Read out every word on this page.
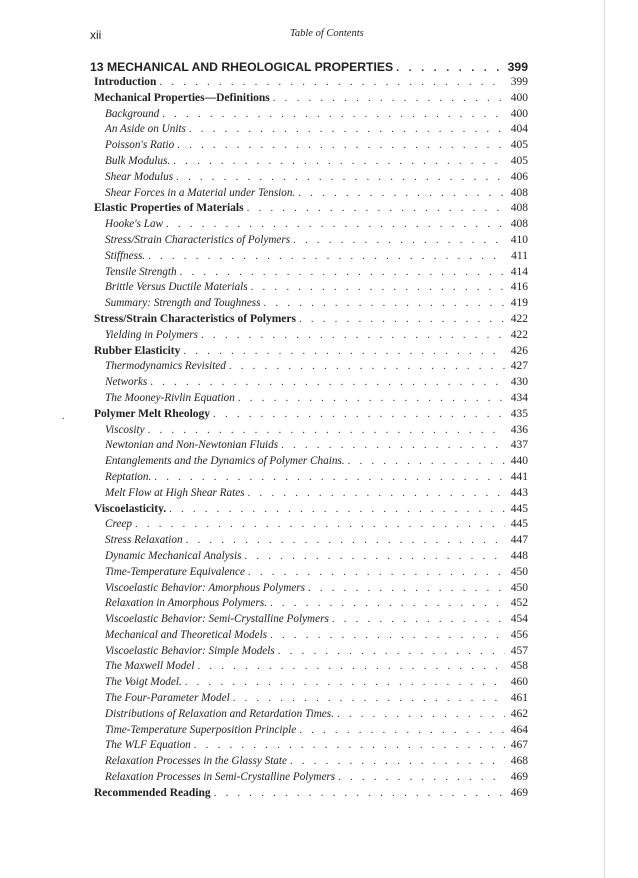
xii	Table of Contents
13 MECHANICAL AND RHEOLOGICAL PROPERTIES . . .	399
Introduction . . .	399
Mechanical Properties—Definitions . . .	400
Background . . .	400
An Aside on Units . . .	404
Poisson's Ratio . . .	405
Bulk Modulus. . . .	405
Shear Modulus . . .	406
Shear Forces in a Material under Tension. . . .	408
Elastic Properties of Materials . . .	408
Hooke's Law . . .	408
Stress/Strain Characteristics of Polymers . . .	410
Stiffness. . . .	411
Tensile Strength . . .	414
Brittle Versus Ductile Materials . . .	416
Summary: Strength and Toughness . . .	419
Stress/Strain Characteristics of Polymers . . .	422
Yielding in Polymers . . .	422
Rubber Elasticity . . .	426
Thermodynamics Revisited . . .	427
Networks . . .	430
The Mooney-Rivlin Equation . . .	434
Polymer Melt Rheology . . .	435
Viscosity . . .	436
Newtonian and Non-Newtonian Fluids . . .	437
Entanglements and the Dynamics of Polymer Chains. . . .	440
Reptation. . . .	441
Melt Flow at High Shear Rates . . .	443
Viscoelasticity. . . .	445
Creep . . .	445
Stress Relaxation . . .	447
Dynamic Mechanical Analysis . . .	448
Time-Temperature Equivalence . . .	450
Viscoelastic Behavior: Amorphous Polymers . . .	450
Relaxation in Amorphous Polymers. . . .	452
Viscoelastic Behavior: Semi-Crystalline Polymers . . .	454
Mechanical and Theoretical Models . . .	456
Viscoelastic Behavior: Simple Models . . .	457
The Maxwell Model . . .	458
The Voigt Model. . . .	460
The Four-Parameter Model . . .	461
Distributions of Relaxation and Retardation Times. . . .	462
Time-Temperature Superposition Principle . . .	464
The WLF Equation . . .	467
Relaxation Processes in the Glassy State . . .	468
Relaxation Processes in Semi-Crystalline Polymers . . .	469
Recommended Reading . . .	469
.
